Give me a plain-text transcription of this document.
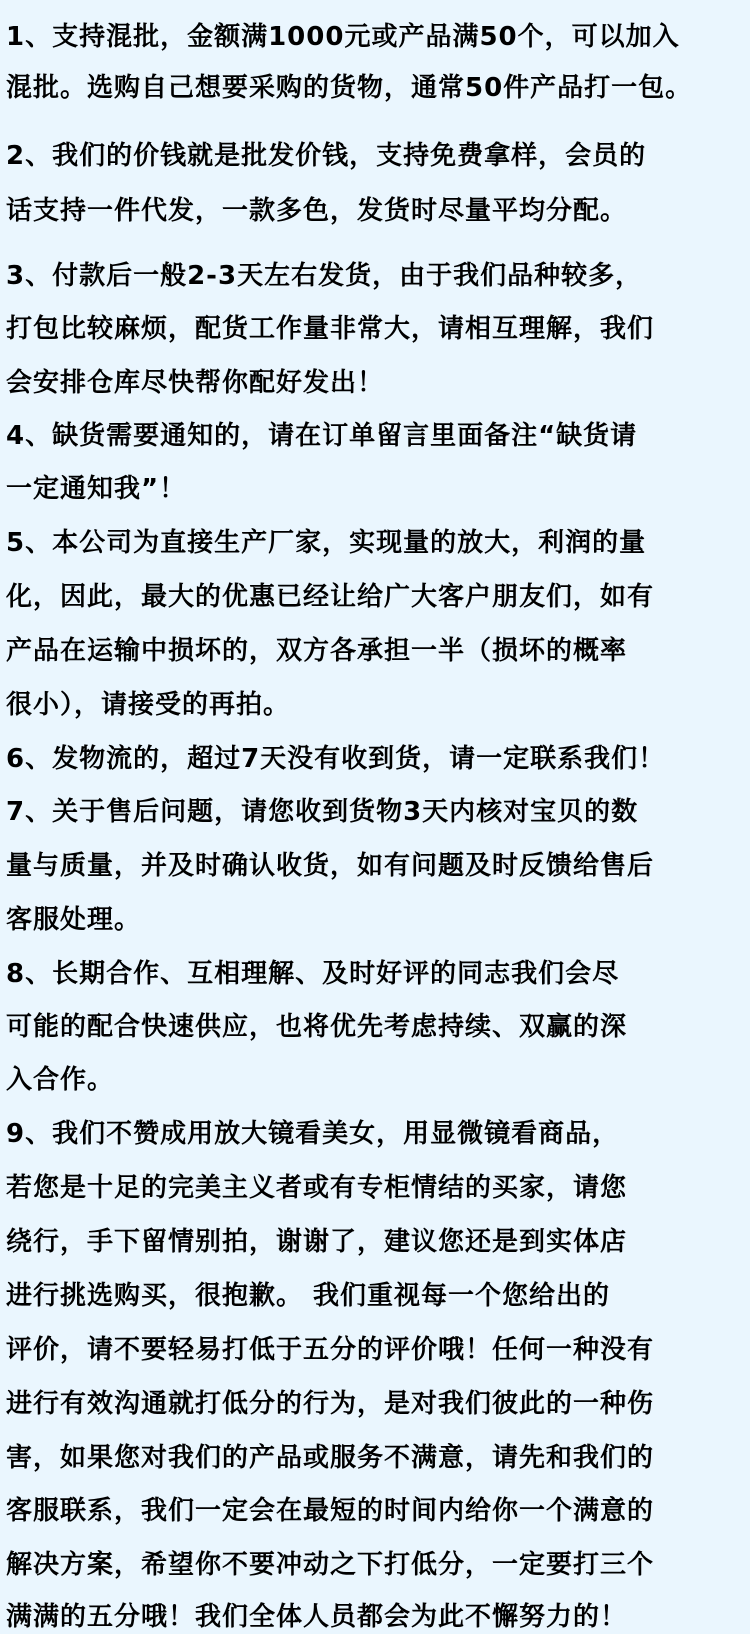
1、支持混批，金额满1000元或产品满50个，可以加入
混批。选购自己想要采购的货物，通常50件产品打一包。
2、我们的价钱就是批发价钱，支持免费拿样，会员的
话支持一件代发，一款多色，发货时尽量平均分配。
3、付款后一般2-3天左右发货，由于我们品种较多，
打包比较麻烦，配货工作量非常大，请相互理解，我们
会安排仓库尽快帮你配好发出！
4、缺货需要通知的，请在订单留言里面备注“缺货请
一定通知我”！
5、本公司为直接生产厂家，实现量的放大，利润的量
化，因此，最大的优惠已经让给广大客户朋友们，如有
产品在运输中损坏的，双方各承担一半（损坏的概率
很小），请接受的再拍。
6、发物流的，超过7天没有收到货，请一定联系我们！
7、关于售后问题，请您收到货物3天内核对宝贝的数
量与质量，并及时确认收货，如有问题及时反馈给售后
客服处理。
8、长期合作、互相理解、及时好评的同志我们会尽
可能的配合快速供应，也将优先考虑持续、双赢的深
入合作。
9、我们不赞成用放大镜看美女，用显微镜看商品，
若您是十足的完美主义者或有专柜情结的买家，请您
绕行，手下留情别拍，谢谢了，建议您还是到实体店
进行挑选购买，很抱歉。 我们重视每一个您给出的
评价，请不要轻易打低于五分的评价哦！任何一种没有
进行有效沟通就打低分的行为，是对我们彼此的一种伤
害，如果您对我们的产品或服务不满意，请先和我们的
客服联系，我们一定会在最短的时间内给你一个满意的
解决方案，希望你不要冲动之下打低分，一定要打三个
满满的五分哦！我们全体人员都会为此不懈努力的！
